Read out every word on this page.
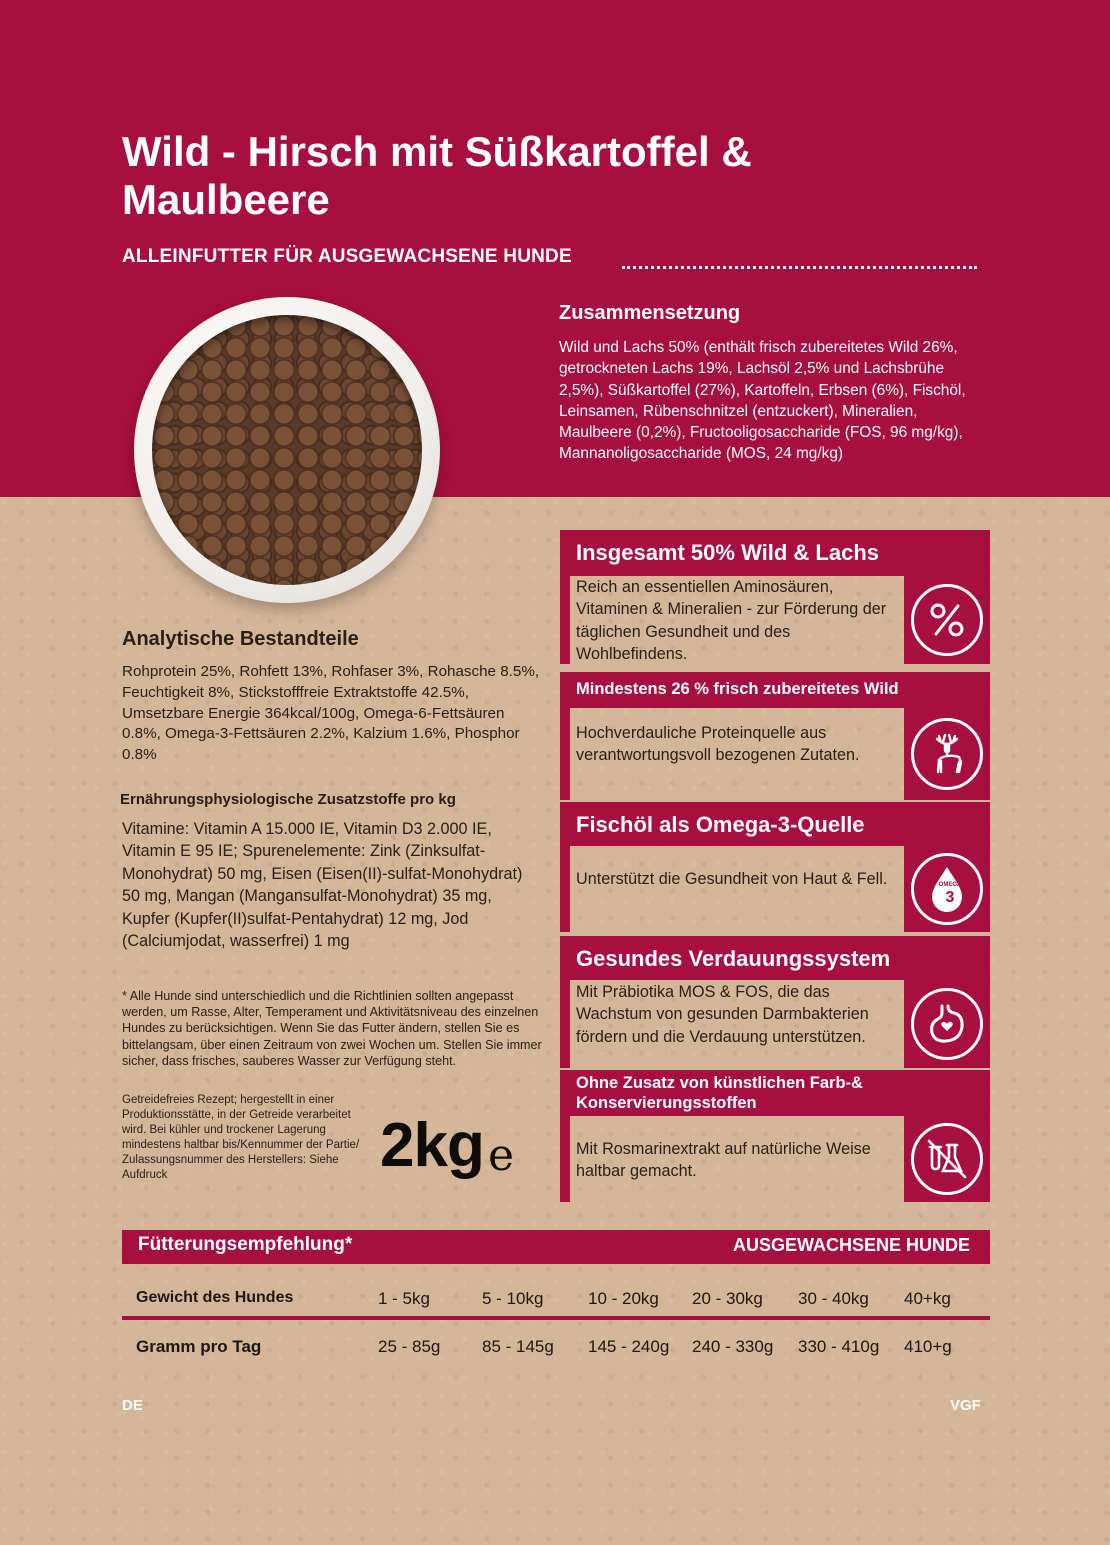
Wild - Hirsch mit Süßkartoffel &
Maulbeere
ALLEINFUTTER FÜR AUSGEWACHSENE HUNDE
Zusammensetzung
Wild und Lachs 50% (enthält frisch zubereitetes Wild 26%, getrockneten Lachs 19%, Lachsöl 2,5% und Lachsbrühe 2,5%), Süßkartoffel (27%), Kartoffeln, Erbsen (6%), Fischöl, Leinsamen, Rübenschnitzel (entzuckert), Mineralien, Maulbeere (0,2%), Fructooligosaccharide (FOS, 96 mg/kg), Mannanoligosaccharide (MOS, 24 mg/kg)
Analytische Bestandteile
Rohprotein 25%, Rohfett 13%, Rohfaser 3%, Rohasche 8.5%, Feuchtigkeit 8%, Stickstofffreie Extraktstoffe 42.5%, Umsetzbare Energie 364kcal/100g, Omega-6-Fettsäuren 0.8%, Omega-3-Fettsäuren 2.2%, Kalzium 1.6%, Phosphor 0.8%
Ernährungsphysiologische Zusatzstoffe pro kg
Vitamine: Vitamin A 15.000 IE, Vitamin D3 2.000 IE, Vitamin E 95 IE; Spurenelemente: Zink (Zinksulfat-Monohydrat) 50 mg, Eisen (Eisen(II)-sulfat-Monohydrat) 50 mg, Mangan (Mangansulfat-Monohydrat) 35 mg, Kupfer (Kupfer(II)sulfat-Pentahydrat) 12 mg, Jod (Calciumjodat, wasserfrei) 1 mg
* Alle Hunde sind unterschiedlich und die Richtlinien sollten angepasst werden, um Rasse, Alter, Temperament und Aktivitätsniveau des einzelnen Hundes zu berücksichtigen. Wenn Sie das Futter ändern, stellen Sie es bittelangsam, über einen Zeitraum von zwei Wochen um. Stellen Sie immer sicher, dass frisches, sauberes Wasser zur Verfügung steht.
Getreidefreies Rezept; hergestellt in einer Produktionsstätte, in der Getreide verarbeitet wird. Bei kühler und trockener Lagerung mindestens haltbar bis/Kennummer der Partie/ Zulassungsnummer des Herstellers: Siehe Aufdruck	2kg e
Insgesamt 50% Wild & Lachs
Reich an essentiellen Aminosäuren, Vitaminen & Mineralien - zur Förderung der täglichen Gesundheit und des Wohlbefindens.
Mindestens 26 % frisch zubereitetes Wild
Hochverdauliche Proteinquelle aus verantwortungsvoll bezogenen Zutaten.
Fischöl als Omega-3-Quelle
Unterstützt die Gesundheit von Haut & Fell.	OMEGA
3
Gesundes Verdauungssystem
Mit Präbiotika MOS & FOS, die das Wachstum von gesunden Darmbakterien fördern und die Verdauung unterstützen.
Ohne Zusatz von künstlichen Farb-& Konservierungsstoffen
Mit Rosmarinextrakt auf natürliche Weise haltbar gemacht.
Fütterungsempfehlung*	AUSGEWACHSENE HUNDE
Gewicht des Hundes	1 - 5kg	5 - 10kg	10 - 20kg 20 - 30kg 30 - 40kg 40+kg
Gramm pro Tag	25 - 85g 85 - 145g 145 - 240g 240 - 330g 330 - 410g 410+g
DE	VGF
